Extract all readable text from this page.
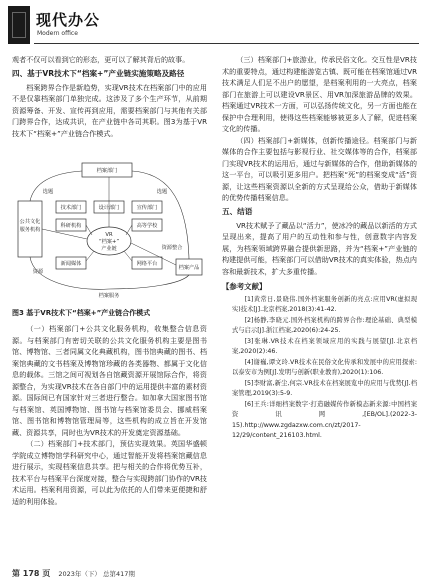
现代办公
Modern office

观者不仅可以看到它的形态，更可以了解其背后的故事。

四、基于VR技术下“档案+”产业链实施策略及路径

档案跨界合作是新趋势，实现VR技术在档案部门中的应用不是仅靠档案部门单独完成。这涉及了多个生产环节，从前期资源筹备、开发、宣传再到应用，需要档案部门与其他有关部门跨界合作，达成共识，在产业链中各司其职。图3为基于VR技术下“档案+”产业链合作模式。

档案部门
选题	选题
公共文化
服务机构
技术部门	设计部门	宣传部门
科研机构	高等学校
新闻媒体	网络平台
VR
“档案+”
产业链
档案产品
资源
资源整合
档案服务
图3 基于VR技术下“档案+”产业链合作模式

（一）档案部门+公共文化服务机构，收集整合信息资源。与档案部门有密切关联的公共文化服务机构主要是图书馆、博物馆、三者同属文化典藏机构，图书馆典藏的图书、档案馆典藏的文书档案及博物馆珍藏的各类器物、都属于文化信息的载体。三馆之间可视划各自馆藏资源开展馆际合作，将资源整合，为实现VR技术在各自部门中的运用提供丰富的素材资源。国际间已有国家针对三者进行整合。如加拿大国家图书馆与档案馆、英国博物馆、图书馆与档案馆委员会、挪威档案馆、图书馆和博物馆管理局等，这些机构的成立旨在开发馆藏、资源共享，同时也为VR技术的开发奠定资源基础。

（二）档案部门+技术部门，预估实现效果。英国华盛顿学院成立博物馆学科研究中心，通过智能开发将档案馆藏信息进行展示，实现档案信息共享。把与相关的合作将优势互补，技术平台与档案平台深度对接，整合与实现跨部门协作的VR技术运用。档案利用资源，可以此为依托的人们带来更便捷和舒适的利用体验。

（三）档案部门+旅游业，传承民俗文化。交互性是VR技术的重要特点，通过构建能游览古镇、既可能在档案馆通过VR技术满足人们足不出户的愿望，是档案利用的一大亮点，档案部门在旅游上可以建设VR景区、用VR加深旅游品牌的效果。档案通过VR技术一方面，可以弘扬传统文化，另一方面也能在保护中合理利用，使得这些档案能够被更多人了解，促进档案文化的传播。

（四）档案部门+新媒体，创新传播途径。档案部门与新媒体的合作主要包括与影视行业、社交媒体等的合作，档案部门实现VR技术的运用后，通过与新媒体的合作，借助新媒体的这一平台，可以吸引更多用户。把档案“死”的档案变成“活”资源，让这些档案资源以全新的方式呈现给公众，借助于新媒体的优势传播档案信息。

五、结语

VR技术赋予了藏品以“活力”，使冰冷的藏品以新活的方式呈现出来，提高了用户的互动性和参与性，创意数字内容发展，为档案领域跨界融合提供新思路，并为“档案+”产业链的构建提供可能，档案部门可以借助VR技术的真实体验，热点内容和最新技术，扩大多重传播。

【参考文献】

[1]黄常日,景晓伟.国外档案服务创新的亮点:应用VR(虚拟现实)技术[J].北京档案,2018(3):41-42.

[2]杨静,李晓元.国外档案机构的跨界合作:理论基础、典型模式与启示[J].浙江档案,2020(6):24-25.

[3]张琳.VR技术在档案领域应用的实践与展望[J].北京档案,2020(2):46.

[4]谢巍,谭文玲.VR技术在民俗文化传承和发展中的应用探索:以泰安市为例[J].发明与创新(职业教育),2020(1):106.

[5]李财富,新尘,何宗.VR技术在档案展览中的应用与优势[J].档案管理,2019(3):5-9.

[6]王兵:详细档案数字·打造融媒传作新模态新来源:中国档案资讯网,[EB/OL].(2022-3-15).http://www.zgdazxw.com.cn/zt/2017-12/29/content_216103.html.

第 178 页 2023年（下） 总第417期
